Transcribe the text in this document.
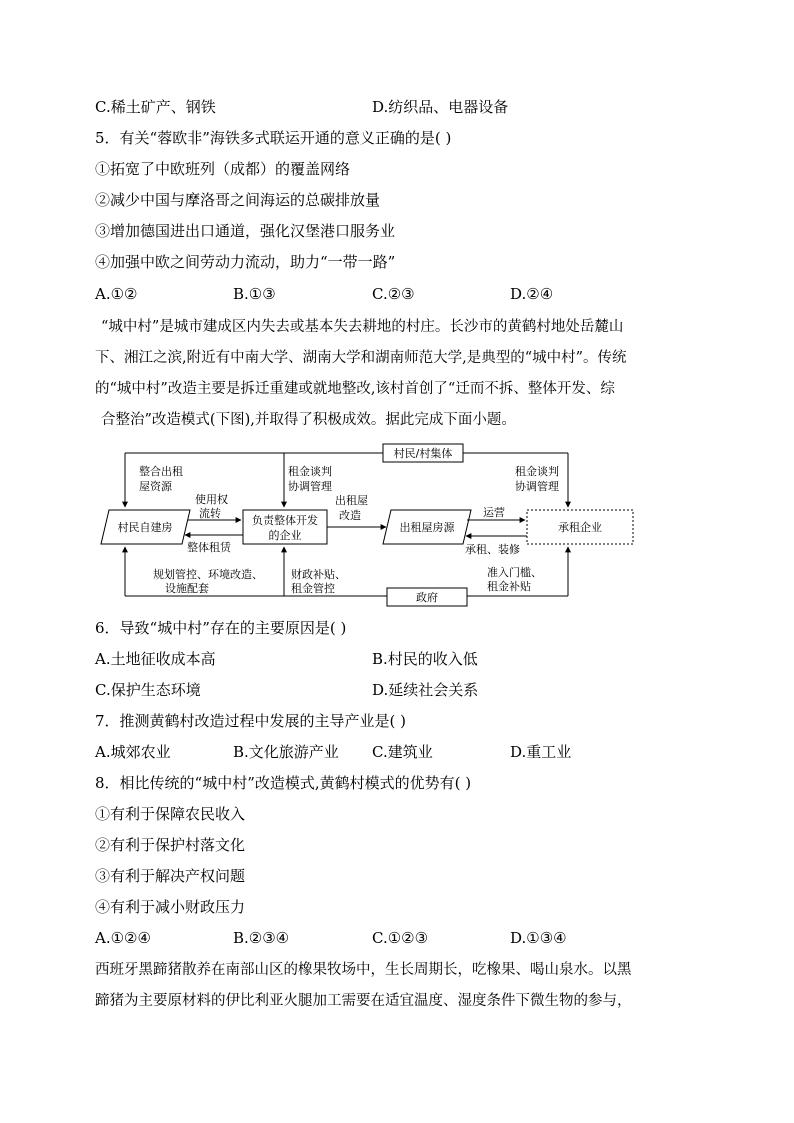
C.稀土矿产、钢铁	D.纺织品、电器设备
5．有关“蓉欧非”海铁多式联运开通的意义正确的是( )
①拓宽了中欧班列（成都）的覆盖网络
②减少中国与摩洛哥之间海运的总碳排放量
③增加德国进出口通道，强化汉堡港口服务业
④加强中欧之间劳动力流动，助力“一带一路”
A.①②	B.①③	C.②③	D.②④
“城中村”是城市建成区内失去或基本失去耕地的村庄。长沙市的黄鹤村地处岳麓山
下、湘江之滨,附近有中南大学、湖南大学和湖南师范大学,是典型的“城中村”。传统
的“城中村”改造主要是拆迁重建或就地整改,该村首创了“迁而不拆、整体开发、综
合整治”改造模式(下图),并取得了积极成效。据此完成下面小题。
村民/村集体
整合出租
屋资源
租金谈判
协调管理
租金谈判
协调管理
村民自建房
负责整体开发
的企业
出租屋房源	承租企业
使用权
流转
整体租赁
出租屋
改造	运营
承租、装修
政府
规划管控、环境改造、
设施配套
财政补贴、
租金管控
准入门槛、
租金补贴
6．导致“城中村”存在的主要原因是( )
A.土地征收成本高	B.村民的收入低
C.保护生态环境	D.延续社会关系
7．推测黄鹤村改造过程中发展的主导产业是( )
A.城郊农业	B.文化旅游产业 C.建筑业	D.重工业
8．相比传统的“城中村”改造模式,黄鹤村模式的优势有( )
①有利于保障农民收入
②有利于保护村落文化
③有利于解决产权问题
④有利于减小财政压力
A.①②④	B.②③④	C.①②③	D.①③④
西班牙黑蹄猪散养在南部山区的橡果牧场中，生长周期长，吃橡果、喝山泉水。以黑
蹄猪为主要原材料的伊比利亚火腿加工需要在适宜温度、湿度条件下微生物的参与，
